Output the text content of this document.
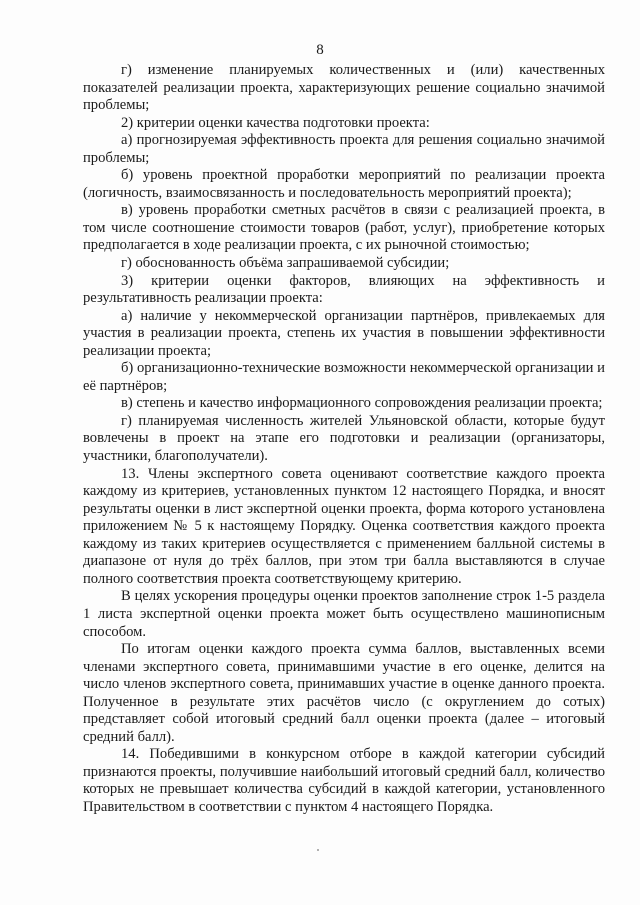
8

г) изменение планируемых количественных и (или) качественных показателей реализации проекта, характеризующих решение социально значимой проблемы;

2) критерии оценки качества подготовки проекта:

а) прогнозируемая эффективность проекта для решения социально значимой проблемы;

б) уровень проектной проработки мероприятий по реализации проекта (логичность, взаимосвязанность и последовательность мероприятий проекта);

в) уровень проработки сметных расчётов в связи с реализацией проекта, в том числе соотношение стоимости товаров (работ, услуг), приобретение которых предполагается в ходе реализации проекта, с их рыночной стоимостью;

г) обоснованность объёма запрашиваемой субсидии;

3) критерии оценки факторов, влияющих на эффективность и результативность реализации проекта:

а) наличие у некоммерческой организации партнёров, привлекаемых для участия в реализации проекта, степень их участия в повышении эффективности реализации проекта;

б) организационно-технические возможности некоммерческой организации и её партнёров;

в) степень и качество информационного сопровождения реализации проекта;

г) планируемая численность жителей Ульяновской области, которые будут вовлечены в проект на этапе его подготовки и реализации (организаторы, участники, благополучатели).

13. Члены экспертного совета оценивают соответствие каждого проекта каждому из критериев, установленных пунктом 12 настоящего Порядка, и вносят результаты оценки в лист экспертной оценки проекта, форма которого установлена приложением № 5 к настоящему Порядку. Оценка соответствия каждого проекта каждому из таких критериев осуществляется с применением балльной системы в диапазоне от нуля до трёх баллов, при этом три балла выставляются в случае полного соответствия проекта соответствующему критерию.

В целях ускорения процедуры оценки проектов заполнение строк 1-5 раздела 1 листа экспертной оценки проекта может быть осуществлено машинописным способом.

По итогам оценки каждого проекта сумма баллов, выставленных всеми членами экспертного совета, принимавшими участие в его оценке, делится на число членов экспертного совета, принимавших участие в оценке данного проекта. Полученное в результате этих расчётов число (с округлением до сотых) представляет собой итоговый средний балл оценки проекта (далее – итоговый средний балл).

14. Победившими в конкурсном отборе в каждой категории субсидий признаются проекты, получившие наибольший итоговый средний балл, количество которых не превышает количества субсидий в каждой категории, установленного Правительством в соответствии с пунктом 4 настоящего Порядка.
